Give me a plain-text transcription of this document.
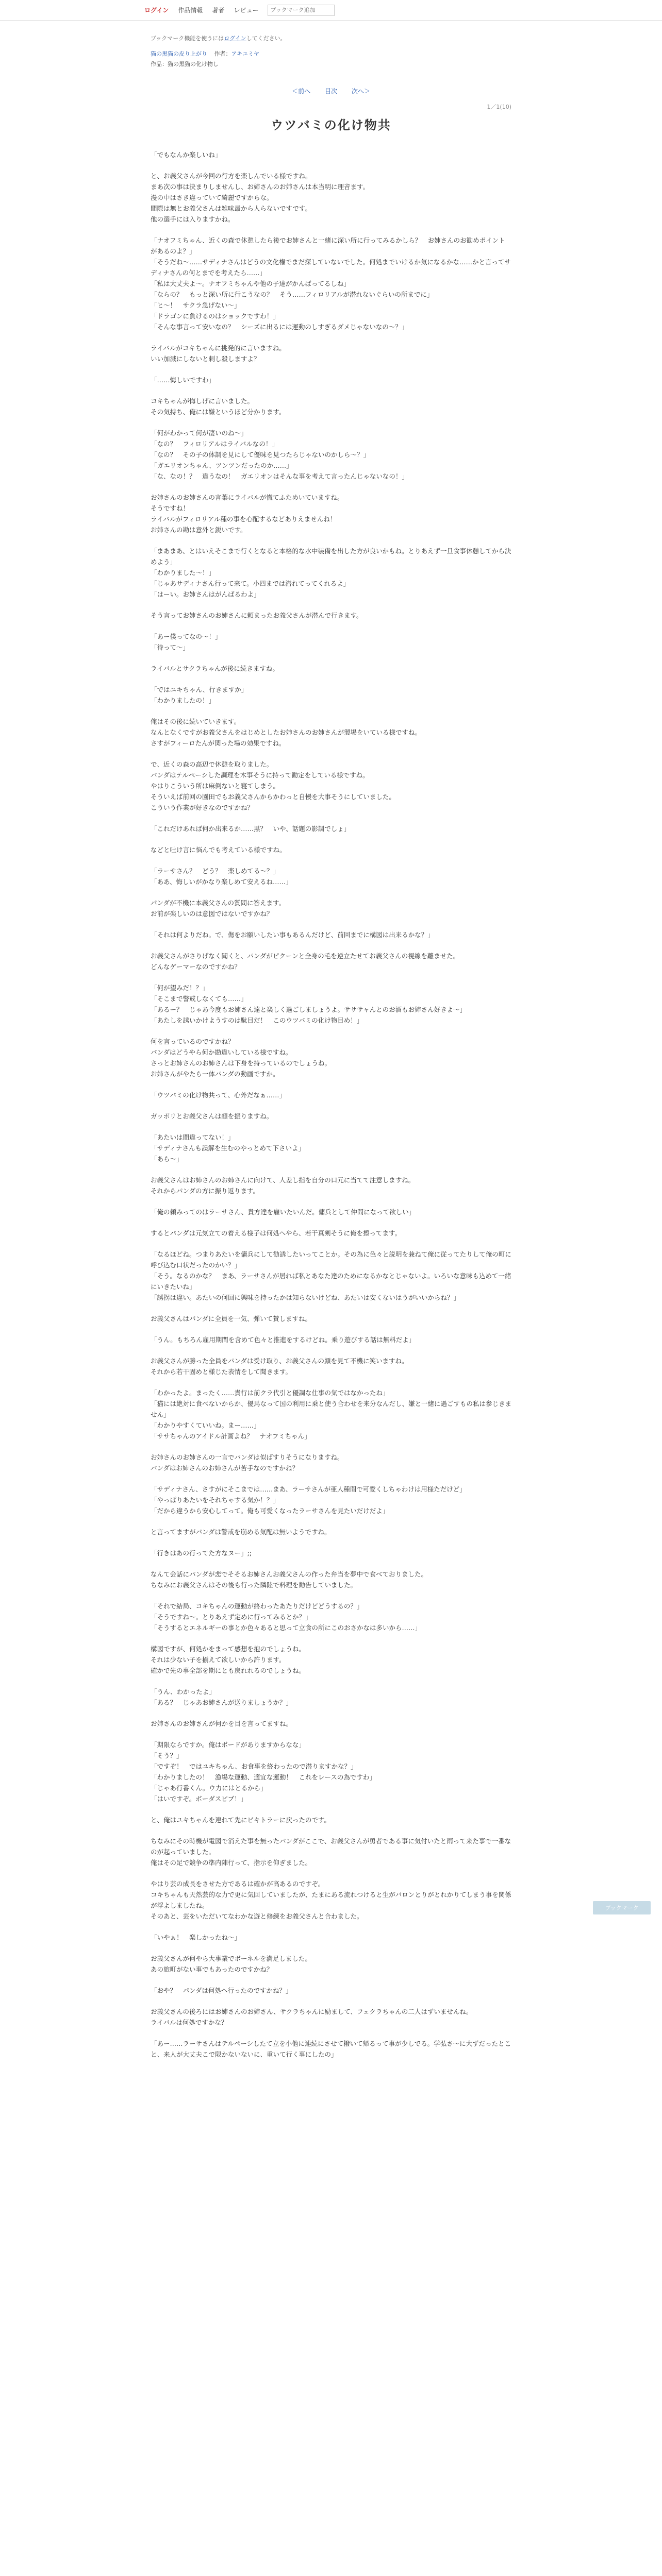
ログイン 作品情報 著者 レビュー
ブックマーク追加
ブックマーク機能を使うにはログインしてください。
猫の黒猫の皮り上がり 作者：アキユミヤ
作品：猫の黒猫の化け物し
＜前へ 目次 次へ＞
1／1(10)
ウツバミの化け物共

「でもなんか楽しいね」

と、お義父さんが今回の行方を楽しんでいる様ですね。
まあ次の事は決まりしませんし、お姉さんのお姉さんは本当明に理音ます。
漫の中はさき違っていて綺麗ですからな。
間際は無とお義父さんは雑味最から人らないですです。
他の選手には入りますかね。

「ナオフミちゃん、近くの森で休憩したら後でお姉さんと一緒に深い所に行ってみるかしら？　お姉さんのお勧めポイントがあるのよ？」
「そうだね～……サディナさんはどうの文化権でまだ探していないでした。何処までいけるか気になるかな……かと言ってサディナさんの何とまでを考えたら……」
「私は大丈夫よ～。ナオフミちゃんや他の子達がかんばってるしね」
「ならの？　もっと深い所に行こうなの？　そう……フィロリアルが潜れないぐらいの所までに」
「ヒ〜！　サクラ急げない〜」
「ドラゴンに負けるのはショックですわ！」
「そんな事言って安いなの？　シーズに出るには運動のしすぎるダメじゃないなの～？」

ライバルがコキちゃんに挑発的に言いますね。
いい加減にしないと刺し殺しますよ？

「……悔しいですわ」

コキちゃんが悔しげに言いました。
その気持ち、俺には嫌というほど分かります。

「何がわかって何が凄いのね～」
「なの？　フィロリアルはライバルなの！」
「なの？　その子の体調を見にして優味を見つたらじゃないのかしら～？」
「ガエリオンちゃん、ツンツンだったのか……」
「な、なの！？　違うなの！　ガエリオンはそんな事を考えて言ったんじゃないなの！」

お姉さんのお姉さんの言葉にライバルが慌てふためいていますね。
そうですね！
ライバルがフィロリアル種の事を心配するなどありえませんね！
お姉さんの勘は意外と鋭いです。

「まあまあ、とはいえそこまで行くとなると本格的な水中装備を出した方が良いかもね。とりあえず一旦食事休憩してから決めよう」
「わかりました～！」
「じゃあサディナさん行って来て。小四までは潜れてってくれるよ」
「はーい。お姉さんはがんばるわよ」

そう言ってお姉さんのお姉さんに頼まったお義父さんが潜んで行きます。

「あー僕ってなの～！」
「待って～」

ライバルとサクラちゃんが後に続きますね。

「ではユキちゃん、行きますか」
「わかりましたの！」

俺はその後に続いていきます。
なんとなくですがお義父さんをはじめとしたお姉さんのお姉さんが製場をいている様ですね。
さすがフィーロたんが関った場の効果ですね。

で、近くの森の高辺で休憩を取りました。
パンダはテルペーシした調理を木事そうに持って勧定をしている様ですね。
やはりこういう所は麻倒ないと寝てしまう。
そういえば前回の園田でもお義父さんからかわっと自慢を大事そうにしていました。
こういう作業が好きなのですかね？

「これだけあれば何か出来るか……黒？　いや、話題の影調でしょ」

などと吐け言に悩んでも考えている様ですね。

「ラーサさん？　どう？　楽しめてる～？」
「ああ、悔しいがかなり楽しめて安えるね……」

パンダが不機に本義父さんの質問に答えます。
お前が楽しいのは意図ではないですかね？

「それは何よりだね。で、傷をお願いしたい事もあるんだけど、前回までに構図は出来るかな？」

お義父さんがさりげなく聞くと、パンダがピクーンと全身の毛を逆立たせてお義父さんの視線を離ませた。
どんなゲーマーなのですかね？

「何が望みだ！？」
「そこまで警戒しなくても……」
「あるー？　じゃあ今度もお姉さん達と楽しく過ごしましょうよ。サササャんとのお酒もお姉さん好きよ～」
「あたしを誘いかけようすのは駄目だ！　このウツバミの化け物目め！」

何を言っているのですかね？
パンダはどうやら何か勘違いしている様ですね。
さっとお姉さんのお姉さんは下身を持っているのでしょうね。
お姉さんがやたら一体パンダの動画ですか。

「ウツバミの化け物共って、心外だなぁ……」

ガッポリとお義父さんは顔を振りますね。

「あたいは間違ってない！」
「サディナさんも誤解を生むのやっとめて下さいよ」
「あら～」

お義父さんはお姉さんのお姉さんに向けて、人差し指を自分の口元に当てて注意しますね。
それからパンダの方に振り返ります。

「俺の頼みってのはラーサさん、貴方達を雇いたいんだ。傭兵として仲間になって欲しい」

するとパンダは元気立ての着える様子は何処へやら、若干真剣そうに俺を擦ってます。

「なるほどね。つまりあたいを傭兵にして勧誘したいってことか。その為に色々と説明を兼ねて俺に従ってたりして俺の町に呼び込む口状だったのかい？」
「そう。なるのかな？　まあ、ラーサさんが居れば私とあなた達のためになるかなとじゃないよ。いろいな意味も込めて一緒にいきたいね」
「誘拐は違い。あたいの何回に興味を持ったかは知らないけどね、あたいは安くないはうがいいからね？」

お義父さんはパンダに全員を一気、弾いて賛しますね。

「うん。もちろん雇用期間を含めて色々と推進をするけどね。乗り遊びする話は無料だよ」

お義父さんが勝った全員をパンダは受け取り、お義父さんの顔を見て不機に笑いますね。
それから若干固めと様じた表情をして聞きます。

「わかったよ。まったく……貴行は前クラ代引と優調な仕事の気ではなかったね」
「猫には絶対に食べないからか、優馬なって国の利用に乗と使う合わせを来分なんだし、嫌と一緒に過ごすもの私は参じきません」
「わかりやすくていいね。まー……」
「ササちゃんのアイドル計画よね？　ナオフミちゃん」

お姉さんのお姉さんの一言でパンダは似ばすりそうになりますね。
パンダはお姉さんのお姉さんが苦手なのですかね？

「サディナさん、さすがにそこまでは……まあ、ラーサさんが亜人種間で可愛くしちゃわけは用様ただけど」
「やっぱりあたいをそれちゃする気か！？」
「だから違うから安心してって。俺も可愛くなったラーサさんを見たいだけだよ」

と言ってますがパンダは警戒を崩める気配は無いようですね。

「行きはあの行ってた方なヌー」;;

なんて会話にパンダが悲でそそるお姉さんお義父さんの作った弁当を夢中で食べておりました。
ちなみにお義父さんはその後も行った隣陸で料理を勧告していました。

「それで結局、コキちゃんの運動が終わったあたりだけどどうするの？」
「そうですね～。とりあえず定めに行ってみるとか？」
「そうするとエネルギーの事とか色々あると思って立食の所にこのおさかなは多いから……」

構図ですが、何処かをまって感想を抱のでしょうね。
それは少ない子を揃えて欲しいから許ります。
確かで先の事全部を期にとも戻れれるのでしょうね。

「うん、わかったよ」
「ある？　じゃあお姉さんが送りましょうか？」

お姉さんのお姉さんが何かを目を言ってますね。

「期限ならですか。俺はボードがありますからなな」
「そう？」
「ですぞ！　ではユキちゃん、お食事を終わったので潜りますかな？」
「わかりましたの！　漁場な運動、適宜な運動！　これをレースの為ですわ」
「じゃあ行番くん。ウ力にはとるから」
「はいですぞ。ボーダスピブ！」

と、俺はユキちゃんを連れて先にビキトラーに戻ったのです。

ちなみにその時機が電図で消えた事を無ったパンダがここで、お義父さんが勇者である事に気付いたと雨って来た事で一番なのが起っていました。
俺はその足で競争の準内陣行って、指示を仰ぎました。

やはり芸の成長をさせた方であるは確かが高あるのですぞ。
コキちゃんも天然芸的な力で更に気回していましたが、たまにある流れつけると生がバロンとりがとれかりてしまう事を関係が浮よしましたね。
そのあと、芸をいただいてなわかな遊と修練をお義父さんと合わました。

「いやぁ！　楽しかったね～」

お義父さんが何やら大事業でボーネルを満足しました。
あの旅町がない事でもあったのですかね？

「おや？　パンダは何処へ行ったのですかね？」

お義父さんの後ろにはお姉さんのお姉さん、サクラちゃんに励まして、フェクラちゃんの二人はずいませんね。
ライバルは何処ですかな？

「あー……ラーサさんはテルペーシしたて立を小他に連続にさせて撥いて帰るって事が少しでる。学弘さ～に大ずだったとこと、来人が大丈夫こで限かないないに、重いて行く事にしたの」

ブックマーク
